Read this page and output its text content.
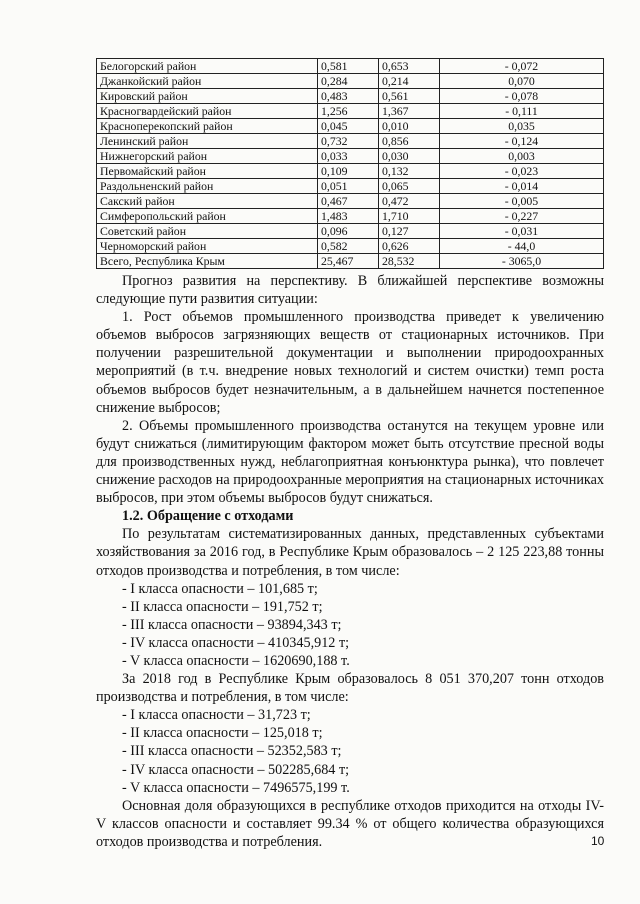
Белогорский район	0,581	0,653	- 0,072
Джанкойский район	0,284	0,214	0,070
Кировский район	0,483	0,561	- 0,078
Красногвардейский район	1,256	1,367	- 0,111
Красноперекопский район	0,045	0,010	0,035
Ленинский район	0,732	0,856	- 0,124
Нижнегорский район	0,033	0,030	0,003
Первомайский район	0,109	0,132	- 0,023
Раздольненский район	0,051	0,065	- 0,014
Сакский район	0,467	0,472	- 0,005
Симферопольский район	1,483	1,710	- 0,227
Советский район	0,096	0,127	- 0,031
Черноморский район	0,582	0,626	- 44,0
Всего, Республика Крым	25,467	28,532	- 3065,0

Прогноз развития на перспективу. В ближайшей перспективе возможны следующие пути развития ситуации:

1. Рост объемов промышленного производства приведет к увеличению объемов выбросов загрязняющих веществ от стационарных источников. При получении разрешительной документации и выполнении природоохранных мероприятий (в т.ч. внедрение новых технологий и систем очистки) темп роста объемов выбросов будет незначительным, а в дальнейшем начнется постепенное снижение выбросов;

2. Объемы промышленного производства останутся на текущем уровне или будут снижаться (лимитирующим фактором может быть отсутствие пресной воды для производственных нужд, неблагоприятная конъюнктура рынка), что повлечет снижение расходов на природоохранные мероприятия на стационарных источниках выбросов, при этом объемы выбросов будут снижаться.

1.2. Обращение с отходами

По результатам систематизированных данных, представленных субъектами хозяйствования за 2016 год, в Республике Крым образовалось – 2 125 223,88 тонны отходов производства и потребления, в том числе:

- I класса опасности – 101,685 т;

- II класса опасности – 191,752 т;

- III класса опасности – 93894,343 т;

- IV класса опасности – 410345,912 т;

- V класса опасности – 1620690,188 т.

За 2018 год в Республике Крым образовалось 8 051 370,207 тонн отходов производства и потребления, в том числе:

- I класса опасности – 31,723 т;

- II класса опасности – 125,018 т;

- III класса опасности – 52352,583 т;

- IV класса опасности – 502285,684 т;

- V класса опасности – 7496575,199 т.

Основная доля образующихся в республике отходов приходится на отходы IV-V классов опасности и составляет 99.34 % от общего количества образующихся отходов производства и потребления.	10
